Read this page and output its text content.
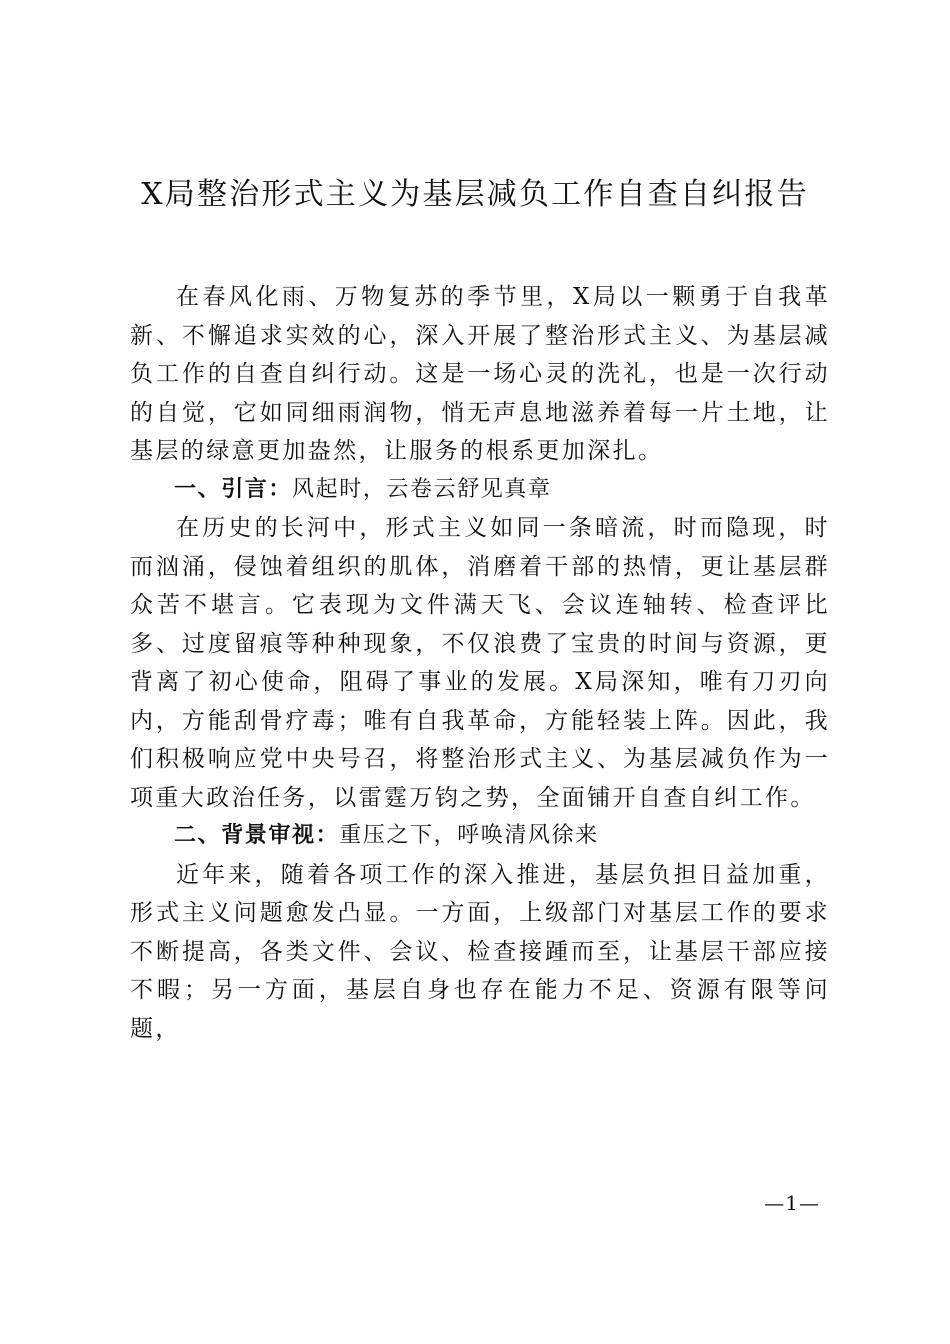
X局整治形式主义为基层减负工作自查自纠报告

在春风化雨、万物复苏的季节里，X局以一颗勇于自我革新、不懈追求实效的心，深入开展了整治形式主义、为基层减负工作的自查自纠行动。这是一场心灵的洗礼，也是一次行动的自觉，它如同细雨润物，悄无声息地滋养着每一片土地，让基层的绿意更加盎然，让服务的根系更加深扎。

一、引言：风起时，云卷云舒见真章

在历史的长河中，形式主义如同一条暗流，时而隐现，时而汹涌，侵蚀着组织的肌体，消磨着干部的热情，更让基层群众苦不堪言。它表现为文件满天飞、会议连轴转、检查评比多、过度留痕等种种现象，不仅浪费了宝贵的时间与资源，更背离了初心使命，阻碍了事业的发展。X局深知，唯有刀刃向内，方能刮骨疗毒；唯有自我革命，方能轻装上阵。因此，我们积极响应党中央号召，将整治形式主义、为基层减负作为一项重大政治任务，以雷霆万钧之势，全面铺开自查自纠工作。

二、背景审视：重压之下，呼唤清风徐来

近年来，随着各项工作的深入推进，基层负担日益加重，形式主义问题愈发凸显。一方面，上级部门对基层工作的要求不断提高，各类文件、会议、检查接踵而至，让基层干部应接不暇；另一方面，基层自身也存在能力不足、资源有限等问题，

—1—
